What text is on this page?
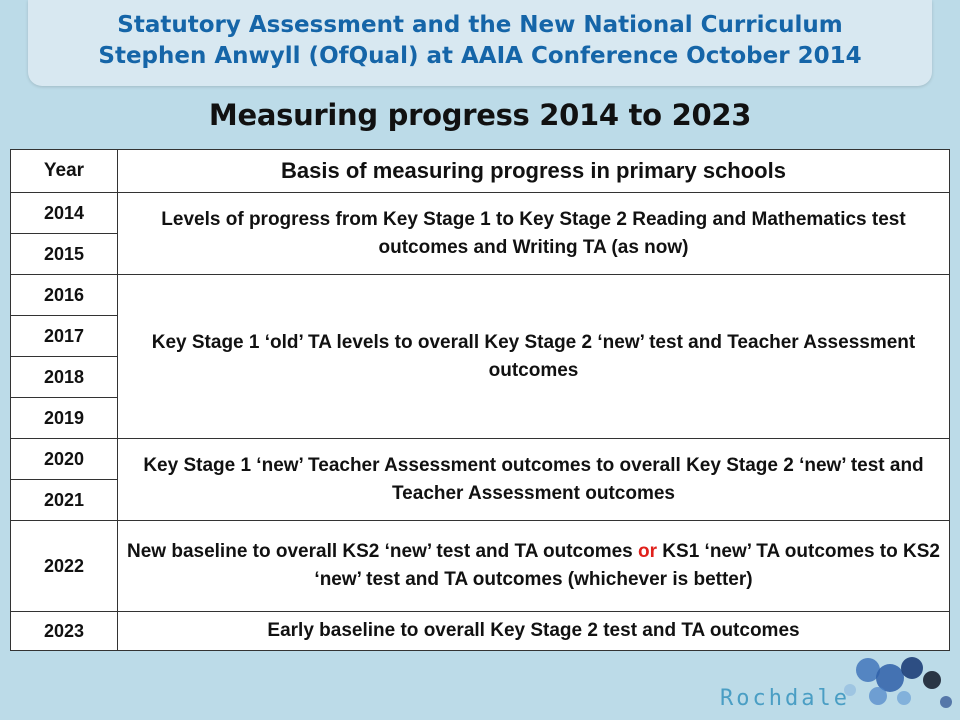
Statutory Assessment and the New National Curriculum
Stephen Anwyll (OfQual) at AAIA Conference October 2014
Measuring progress 2014 to 2023
Year	Basis of measuring progress in primary schools
2014	Levels of progress from Key Stage 1 to Key Stage 2 Reading and Mathematics test outcomes and Writing TA (as now)
2015	
2016	Key Stage 1 ‘old’ TA levels to overall Key Stage 2 ‘new’ test and Teacher Assessment outcomes
2017	
2018	
2019	
2020	Key Stage 1 ‘new’ Teacher Assessment outcomes to overall Key Stage 2 ‘new’ test and Teacher Assessment outcomes
2021	
2022	New baseline to overall KS2 ‘new’ test and TA outcomes or KS1 ‘new’ TA outcomes to KS2 ‘new’ test and TA outcomes (whichever is better)
2023	Early baseline to overall Key Stage 2 test and TA outcomes
Rochdale
